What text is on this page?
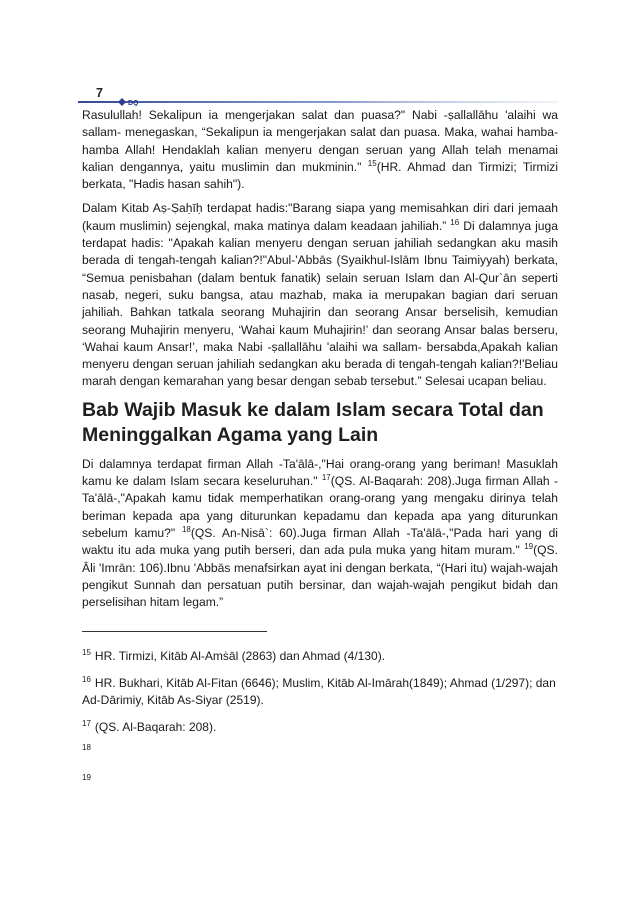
7
DQ

Rasulullah! Sekalipun ia mengerjakan salat dan puasa?" Nabi -ṣallallāhu 'alaihi wa sallam- menegaskan, “Sekalipun ia mengerjakan salat dan puasa. Maka, wahai hamba-hamba Allah! Hendaklah kalian menyeru dengan seruan yang Allah telah menamai kalian dengannya, yaitu muslimin dan mukminin." $^{15}$(HR. Ahmad dan Tirmizi; Tirmizi berkata, "Hadis hasan sahih").

Dalam Kitab Aṣ-Ṣaḥīḥ terdapat hadis:"Barang siapa yang memisahkan diri dari jemaah (kaum muslimin) sejengkal, maka matinya dalam keadaan jahiliah.” $^{16}$ Di dalamnya juga terdapat hadis: "Apakah kalian menyeru dengan seruan jahiliah sedangkan aku masih berada di tengah-tengah kalian?!"Abul-'Abbās (Syaikhul-Islām Ibnu Taimiyyah) berkata, “Semua penisbahan (dalam bentuk fanatik) selain seruan Islam dan Al-Qur`ān seperti nasab, negeri, suku bangsa, atau mazhab, maka ia merupakan bagian dari seruan jahiliah. Bahkan tatkala seorang Muhajirin dan seorang Ansar berselisih, kemudian seorang Muhajirin menyeru, ‘Wahai kaum Muhajirin!’ dan seorang Ansar balas berseru, ‘Wahai kaum Ansar!’, maka Nabi -ṣallallāhu 'alaihi wa sallam- bersabda,Apakah kalian menyeru dengan seruan jahiliah sedangkan aku berada di tengah-tengah kalian?!'Beliau marah dengan kemarahan yang besar dengan sebab tersebut.” Selesai ucapan beliau.

Bab Wajib Masuk ke dalam Islam secara Total dan Meninggalkan Agama yang Lain

Di dalamnya terdapat firman Allah -Ta'ālā-,"Hai orang-orang yang beriman! Masuklah kamu ke dalam Islam secara keseluruhan." $^{17}$(QS. Al-Baqarah: 208).Juga firman Allah -Ta'ālā-,"Apakah kamu tidak memperhatikan orang-orang yang mengaku dirinya telah beriman kepada apa yang diturunkan kepadamu dan kepada apa yang diturunkan sebelum kamu?" $^{18}$(QS. An-Nisā`: 60).Juga firman Allah -Ta'ālā-,"Pada hari yang di waktu itu ada muka yang putih berseri, dan ada pula muka yang hitam muram." $^{19}$(QS. Āli 'Imrān: 106).Ibnu 'Abbās menafsirkan ayat ini dengan berkata, “(Hari itu) wajah-wajah pengikut Sunnah dan persatuan putih bersinar, dan wajah-wajah pengikut bidah dan perselisihan hitam legam.”

$^{15}$ HR. Tirmizi, Kitāb Al-Amṡāl (2863) dan Ahmad (4/130).

$^{16}$ HR. Bukhari, Kitāb Al-Fitan (6646); Muslim, Kitāb Al-Imārah(1849); Ahmad (1/297); dan Ad-Dārimiy, Kitāb As-Siyar (2519).

$^{17}$ (QS. Al-Baqarah: 208).

$^{18}$

$^{19}$
